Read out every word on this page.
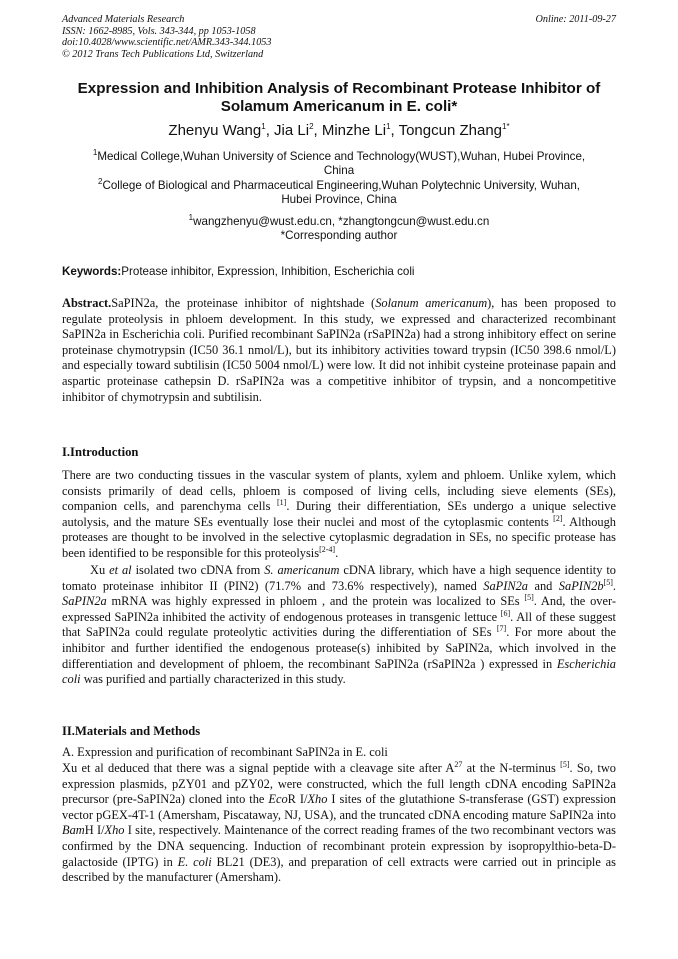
Advanced Materials Research
ISSN: 1662-8985, Vols. 343-344, pp 1053-1058
doi:10.4028/www.scientific.net/AMR.343-344.1053
© 2012 Trans Tech Publications Ltd, Switzerland
Online: 2011-09-27
Expression and Inhibition Analysis of Recombinant Protease Inhibitor of
Solamum Americanum in E. coli*
Zhenyu Wang$^1$, Jia Li$^2$, Minzhe Li$^1$, Tongcun Zhang$^{1*}$
$^1$Medical College,Wuhan University of Science and Technology(WUST),Wuhan, Hubei Province,
China
$^2$College of Biological and Pharmaceutical Engineering,Wuhan Polytechnic University, Wuhan,
Hubei Province, China
$^1$wangzhenyu@wust.edu.cn, *zhangtongcun@wust.edu.cn
*Corresponding author
Keywords:Protease inhibitor, Expression, Inhibition, Escherichia coli

Abstract.SaPIN2a, the proteinase inhibitor of nightshade (Solanum americanum), has been proposed to regulate proteolysis in phloem development. In this study, we expressed and characterized recombinant SaPIN2a in Escherichia coli. Purified recombinant SaPIN2a (rSaPIN2a) had a strong inhibitory effect on serine proteinase chymotrypsin (IC50 36.1 nmol/L), but its inhibitory activities toward trypsin (IC50 398.6 nmol/L) and especially toward subtilisin (IC50 5004 nmol/L) were low. It did not inhibit cysteine proteinase papain and aspartic proteinase cathepsin D. rSaPIN2a was a competitive inhibitor of trypsin, and a noncompetitive inhibitor of chymotrypsin and subtilisin.

I.Introduction

There are two conducting tissues in the vascular system of plants, xylem and phloem. Unlike xylem, which consists primarily of dead cells, phloem is composed of living cells, including sieve elements (SEs), companion cells, and parenchyma cells [1]. During their differentiation, SEs undergo a unique selective autolysis, and the mature SEs eventually lose their nuclei and most of the cytoplasmic contents [2]. Although proteases are thought to be involved in the selective cytoplasmic degradation in SEs, no specific protease has been identified to be responsible for this proteolysis[2-4].

Xu et al isolated two cDNA from S. americanum cDNA library, which have a high sequence identity to tomato proteinase inhibitor II (PIN2) (71.7% and 73.6% respectively), named SaPIN2a and SaPIN2b[5]. SaPIN2a mRNA was highly expressed in phloem , and the protein was localized to SEs [5]. And, the over-expressed SaPIN2a inhibited the activity of endogenous proteases in transgenic lettuce [6]. All of these suggest that SaPIN2a could regulate proteolytic activities during the differentiation of SEs [7]. For more about the inhibitor and further identified the endogenous protease(s) inhibited by SaPIN2a, which involved in the differentiation and development of phloem, the recombinant SaPIN2a (rSaPIN2a ) expressed in Escherichia coli was purified and partially characterized in this study.

II.Materials and Methods
A. Expression and purification of recombinant SaPIN2a in E. coli

Xu et al deduced that there was a signal peptide with a cleavage site after $A^{27}$ at the N-terminus [5]. So, two expression plasmids, pZY01 and pZY02, were constructed, which the full length cDNA encoding SaPIN2a precursor (pre-SaPIN2a) cloned into the EcoR I/Xho I sites of the glutathione S-transferase (GST) expression vector pGEX-4T-1 (Amersham, Piscataway, NJ, USA), and the truncated cDNA encoding mature SaPIN2a into BamH I/Xho I site, respectively. Maintenance of the correct reading frames of the two recombinant vectors was confirmed by the DNA sequencing. Induction of recombinant protein expression by isopropylthio-beta-D-galactoside (IPTG) in E. coli BL21 (DE3), and preparation of cell extracts were carried out in principle as described by the manufacturer (Amersham).
